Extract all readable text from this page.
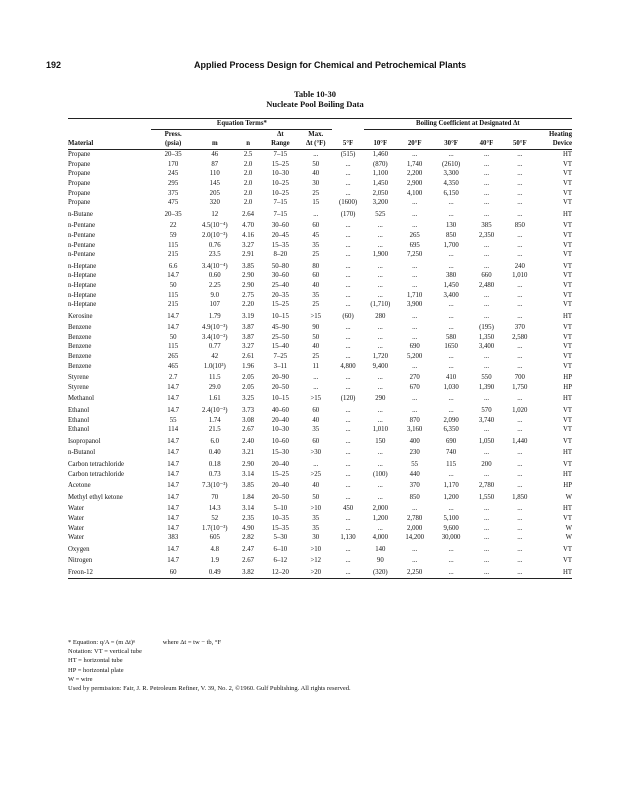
192	Applied Process Design for Chemical and Petrochemical Plants
Table 10-30
Nucleate Pool Boiling Data
	Equation Terms*						Boiling Coefficient at Designated Δt					
	Press.			Δt	Max.							Heating
Material	(psia)	m	n	Range	Δt (°F)	5°F	10°F	20°F	30°F	40°F	50°F	Device
Propane	20–35	46	2.5	7–15	...	(515)	1,460	...	...	...	...	HT
Propane	170	87	2.0	15–25	50	...	(870)	1,740	(2610)	...	...	VT
Propane	245	110	2.0	10–30	40	...	1,100	2,200	3,300	...	...	VT
Propane	295	145	2.0	10–25	30	...	1,450	2,900	4,350	...	...	VT
Propane	375	205	2.0	10–25	25	...	2,050	4,100	6,150	...	...	VT
Propane	475	320	2.0	7–15	15	(1600)	3,200	...	...	...	...	VT
n-Butane	20–35	12	2.64	7–15	...	(170)	525	...	...	...	...	HT
n-Pentane	22	4.5(10⁻⁴)	4.70	30–60	60	...	...	...	130	385	850	VT
n-Pentane	59	2.0(10⁻³)	4.16	20–45	45	...	...	265	850	2,350	...	VT
n-Pentane	115	0.76	3.27	15–35	35	...	...	695	1,700	...	...	VT
n-Pentane	215	23.5	2.91	8–20	25	...	1,900	7,250	...	...	...	VT
n-Heptane	6.6	3.4(10⁻⁴)	3.85	50–80	80	...	...	...	...	...	240	VT
n-Heptane	14.7	0.60	2.90	30–60	60	...	...	...	380	660	1,010	VT
n-Heptane	50	2.25	2.90	25–40	40	...	...	...	1,450	2,480	...	VT
n-Heptane	115	9.0	2.75	20–35	35	...	...	1,710	3,400	...	...	VT
n-Heptane	215	107	2.20	15–25	25	...	(1,710)	3,900	...	...	...	VT
Kerosine	14.7	1.79	3.19	10–15	>15	(60)	280	...	...	...	...	HT
Benzene	14.7	4.9(10⁻³)	3.87	45–90	90	...	...	...	...	(195)	370	VT
Benzene	50	3.4(10⁻²)	3.87	25–50	50	...	...	...	580	1,350	2,580	VT
Benzene	115	0.77	3.27	15–40	40	...	...	690	1650	3,400	...	VT
Benzene	265	42	2.61	7–25	25	...	1,720	5,200	...	...	...	VT
Benzene	465	1.0(10³)	1.96	3–11	11	4,800	9,400	...	...	...	...	VT
Styrene	2.7	11.5	2.05	20–90	...	...	...	270	410	550	700	HP
Styrene	14.7	29.0	2.05	20–50	...	...	...	670	1,030	1,390	1,750	HP
Methanol	14.7	1.61	3.25	10–15	>15	(120)	290	...	...	...	...	HT
Ethanol	14.7	2.4(10⁻³)	3.73	40–60	60	...	...	...	...	570	1,020	VT
Ethanol	55	1.74	3.08	20–40	40	...	...	870	2,090	3,740	...	VT
Ethanol	114	21.5	2.67	10–30	35	...	1,010	3,160	6,350	...	...	VT
Isopropanol	14.7	6.0	2.40	10–60	60	...	150	400	690	1,050	1,440	VT
n-Butanol	14.7	0.40	3.21	15–30	>30	...	...	230	740	...	...	HT
Carbon tetrachloride	14.7	0.18	2.90	20–40	...	...	...	55	115	200	...	VT
Carbon tetrachloride	14.7	0.73	3.14	15–25	>25	...	(100)	440	...	...	...	HT
Acetone	14.7	7.3(10⁻³)	3.85	20–40	40	...	...	370	1,170	2,780	...	HP
Methyl ethyl ketone	14.7	70	1.84	20–50	50	...	...	850	1,200	1,550	1,850	W
Water	14.7	14.3	3.14	5–10	>10	450	2,000	...	...	...	...	HT
Water	14.7	52	2.35	10–35	35	...	1,200	2,780	5,100	...	...	VT
Water	14.7	1.7(10⁻³)	4.90	15–35	35	...	...	2,000	9,600	...	...	W
Water	383	605	2.82	5–30	30	1,130	4,000	14,200	30,000	...	...	W
Oxygen	14.7	4.8	2.47	6–10	>10	...	140	...	...	...	...	VT
Nitrogen	14.7	1.9	2.67	6–12	>12	...	90	...	...	...	...	VT
Freon-12	60	0.49	3.82	12–20	>20	...	(320)	2,250	...	...	...	HT
* Equation: q/A = (m Δt)ⁿ	where Δt = tw − tb, °F
Notation: VT = vertical tube
HT = horizontal tube
HP = horizontal plate
W = wire
Used by permission: Fair, J. R. Petroleum Refiner, V. 39, No. 2, ©1960. Gulf Publishing. All rights reserved.
